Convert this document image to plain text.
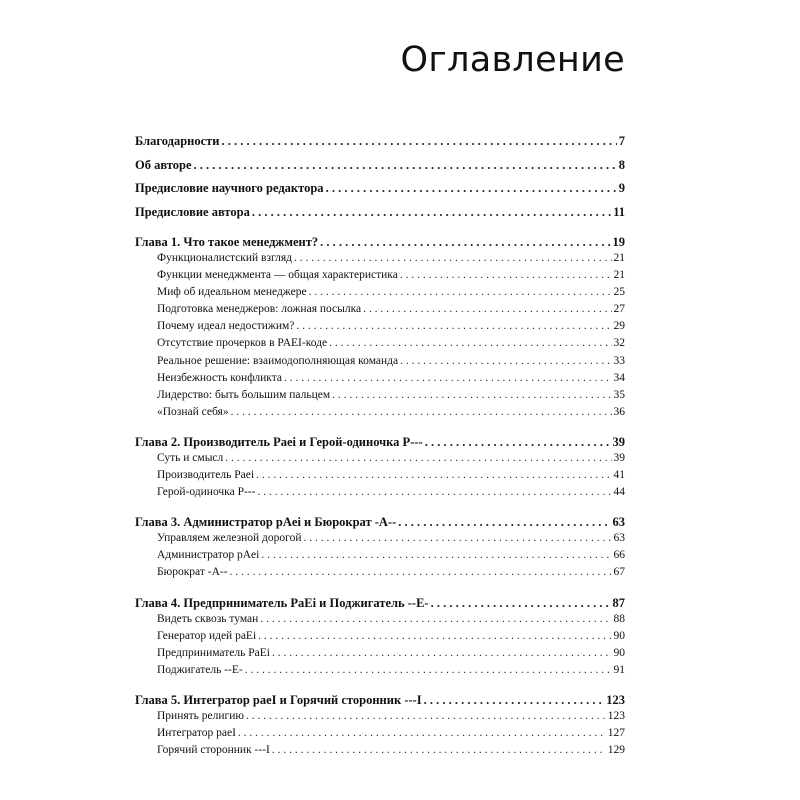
Оглавление
Благодарности . . .	7
Об авторе . . .	8
Предисловие научного редактора . . .	9
Предисловие автора . . .	11
Глава 1. Что такое менеджмент? . . .	19
Функционалистский взгляд . . .	21
Функции менеджмента — общая характеристика . . .	21
Миф об идеальном менеджере . . .	25
Подготовка менеджеров: ложная посылка . . .	27
Почему идеал недостижим? . . .	29
Отсутствие прочерков в PAEI-коде . . .	32
Реальное решение: взаимодополняющая команда . . .	33
Неизбежность конфликта . . .	34
Лидерство: быть большим пальцем . . .	35
«Познай себя» . . .	36
Глава 2. Производитель Paei и Герой-одиночка P--- . . .	39
Суть и смысл . . .	39
Производитель Paei . . .	41
Герой-одиночка P--- . . .	44
Глава 3. Администратор pAei и Бюрократ -A-- . . .	63
Управляем железной дорогой . . .	63
Администратор pAei . . .	66
Бюрократ -A-- . . .	67
Глава 4. Предприниматель PaEi и Поджигатель --E- . . .	87
Видеть сквозь туман . . .	88
Генератор идей paEi . . .	90
Предприниматель PaEi . . .	90
Поджигатель --E- . . .	91
Глава 5. Интегратор paeI и Горячий сторонник ---I . . .	123
Принять религию . . .	123
Интегратор paeI . . .	127
Горячий сторонник ---I . . .	129
